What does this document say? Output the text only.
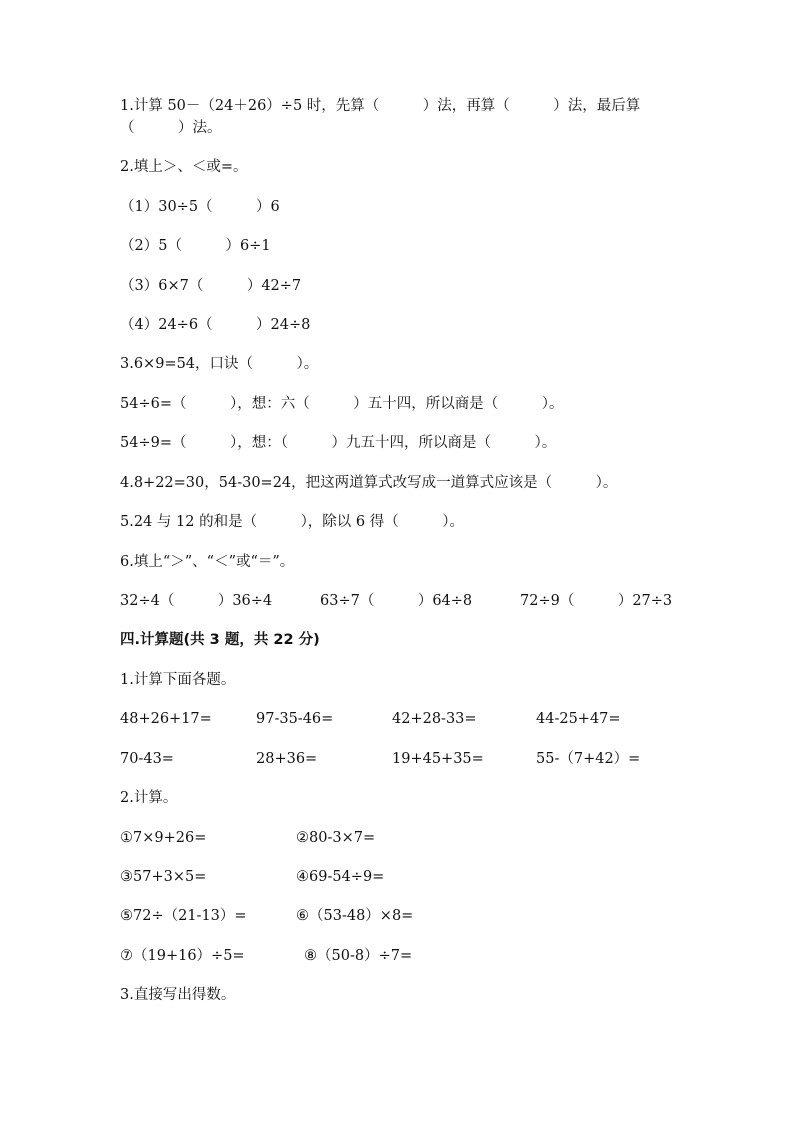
1.计算 50－（24＋26）÷5 时，先算（　　　）法，再算（　　　）法，最后算
（　　　）法。
2.填上＞、＜或=。
（1）30÷5（　　　）6
（2）5（　　　）6÷1
（3）6×7（　　　）42÷7
（4）24÷6（　　　）24÷8
3.6×9=54，口诀（　　　）。
54÷6=（　　　），想：六（　　　）五十四，所以商是（　　　）。
54÷9=（　　　），想：（　　　）九五十四，所以商是（　　　）。
4.8+22=30，54-30=24，把这两道算式改写成一道算式应该是（　　　）。
5.24 与 12 的和是（　　　），除以 6 得（　　　）。
6.填上“＞”、“＜”或“＝”。
32÷4（　　　）36÷4	63÷7（　　　）64÷8	72÷9（　　　）27÷3
四.计算题(共 3 题，共 22 分)
1.计算下面各题。
48+26+17=	97-35-46=	42+28-33=	44-25+47=
70-43=	28+36=	19+45+35=	55-（7+42）=
2.计算。
①7×9+26=	②80-3×7=
③57+3×5=	④69-54÷9=
⑤72÷（21-13）=	⑥（53-48）×8=
⑦（19+16）÷5=	⑧（50-8）÷7=
3.直接写出得数。
